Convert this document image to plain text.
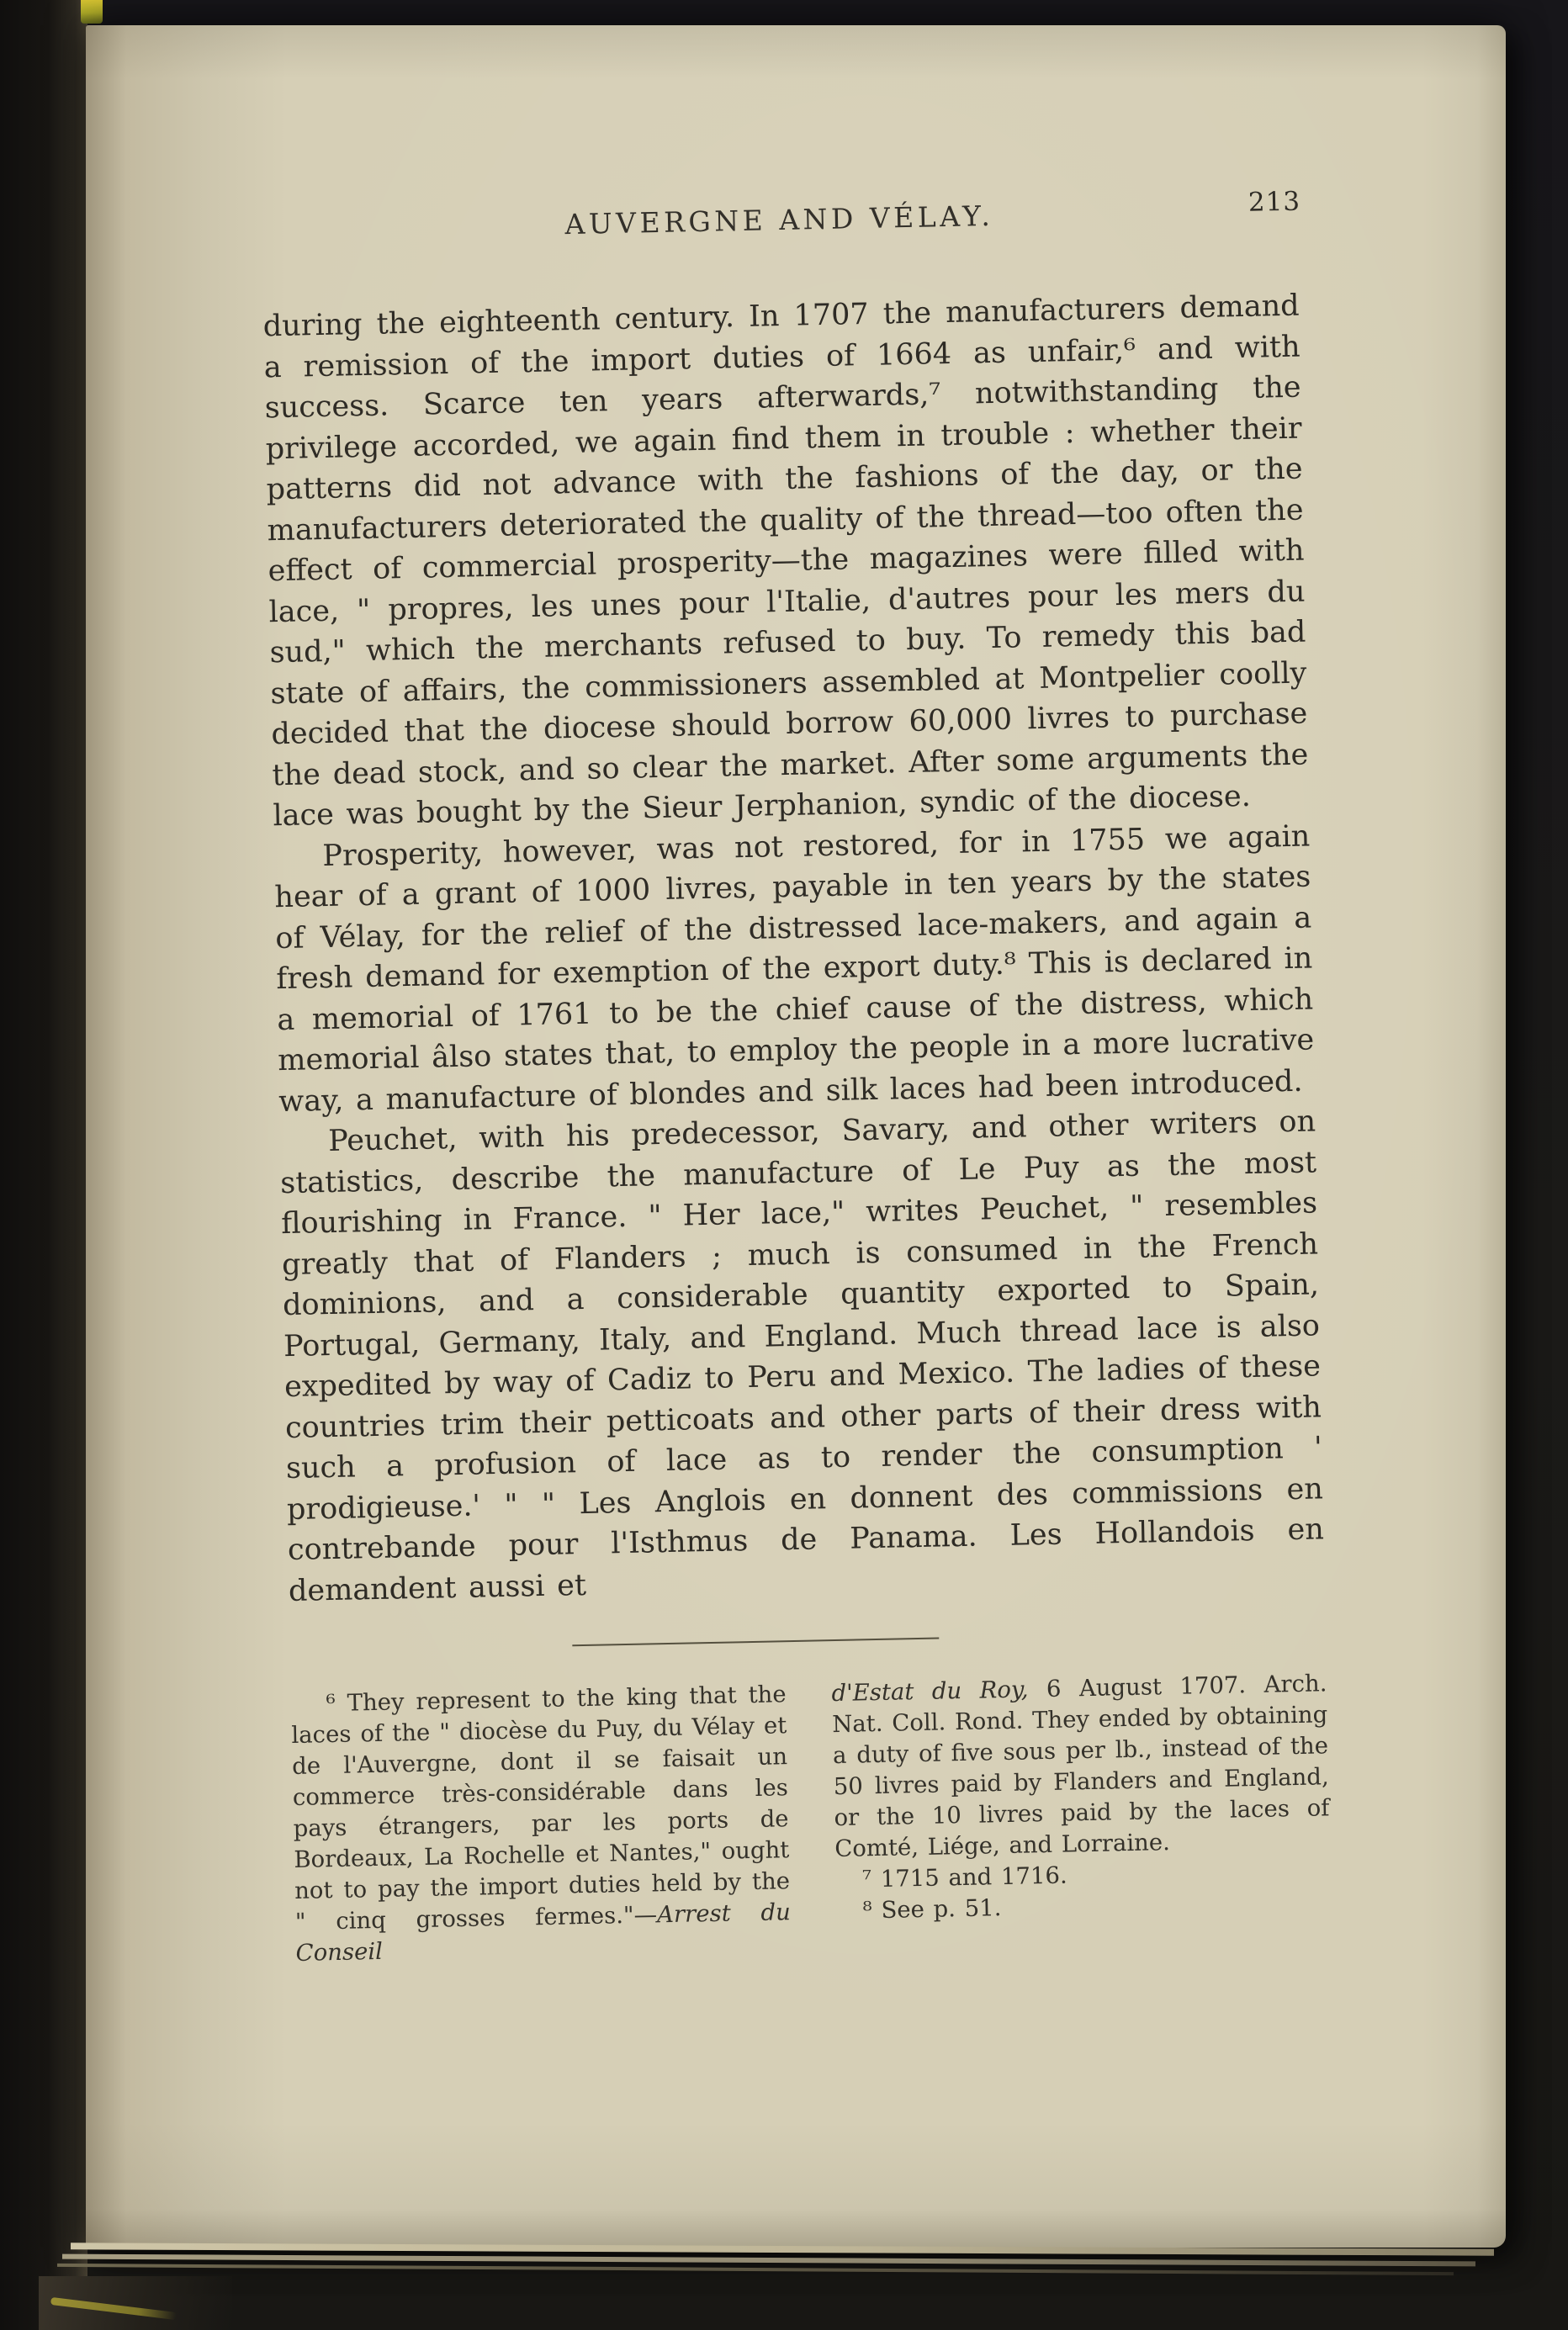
AUVERGNE AND VÉLAY.	213

during the eighteenth century. In 1707 the manufacturers demand a remission of the import duties of 1664 as unfair,⁶ and with success. Scarce ten years afterwards,⁷ notwithstanding the privilege accorded, we again find them in trouble : whether their patterns did not advance with the fashions of the day, or the manufacturers deteriorated the quality of the thread—too often the effect of commercial prosperity—the magazines were filled with lace, " propres, les unes pour l'Italie, d'autres pour les mers du sud," which the merchants refused to buy. To remedy this bad state of affairs, the commissioners assembled at Montpelier coolly decided that the diocese should borrow 60,000 livres to purchase the dead stock, and so clear the market. After some arguments the lace was bought by the Sieur Jerphanion, syndic of the diocese.

Prosperity, however, was not restored, for in 1755 we again hear of a grant of 1000 livres, payable in ten years by the states of Vélay, for the relief of the distressed lace-makers, and again a fresh demand for exemption of the export duty.⁸ This is declared in a memorial of 1761 to be the chief cause of the distress, which memorial âlso states that, to employ the people in a more lucrative way, a manufacture of blondes and silk laces had been introduced.

Peuchet, with his predecessor, Savary, and other writers on statistics, describe the manufacture of Le Puy as the most flourishing in France. " Her lace," writes Peuchet, " resembles greatly that of Flanders ; much is consumed in the French dominions, and a considerable quantity exported to Spain, Portugal, Germany, Italy, and England. Much thread lace is also expedited by way of Cadiz to Peru and Mexico. The ladies of these countries trim their petticoats and other parts of their dress with such a profusion of lace as to render the consumption ' prodigieuse.' " " Les Anglois en donnent des commissions en contrebande pour l'Isthmus de Panama. Les Hollandois en demandent aussi et

⁶ They represent to the king that the laces of the " diocèse du Puy, du Vélay et de l'Auvergne, dont il se faisait un commerce très-considérable dans les pays étrangers, par les ports de Bordeaux, La Rochelle et Nantes," ought not to pay the import duties held by the " cinq grosses fermes."—Arrest du Conseil

d'Estat du Roy, 6 August 1707. Arch. Nat. Coll. Rond. They ended by obtaining a duty of five sous per lb., instead of the 50 livres paid by Flanders and England, or the 10 livres paid by the laces of Comté, Liége, and Lorraine.

⁷ 1715 and 1716.

⁸ See p. 51.
